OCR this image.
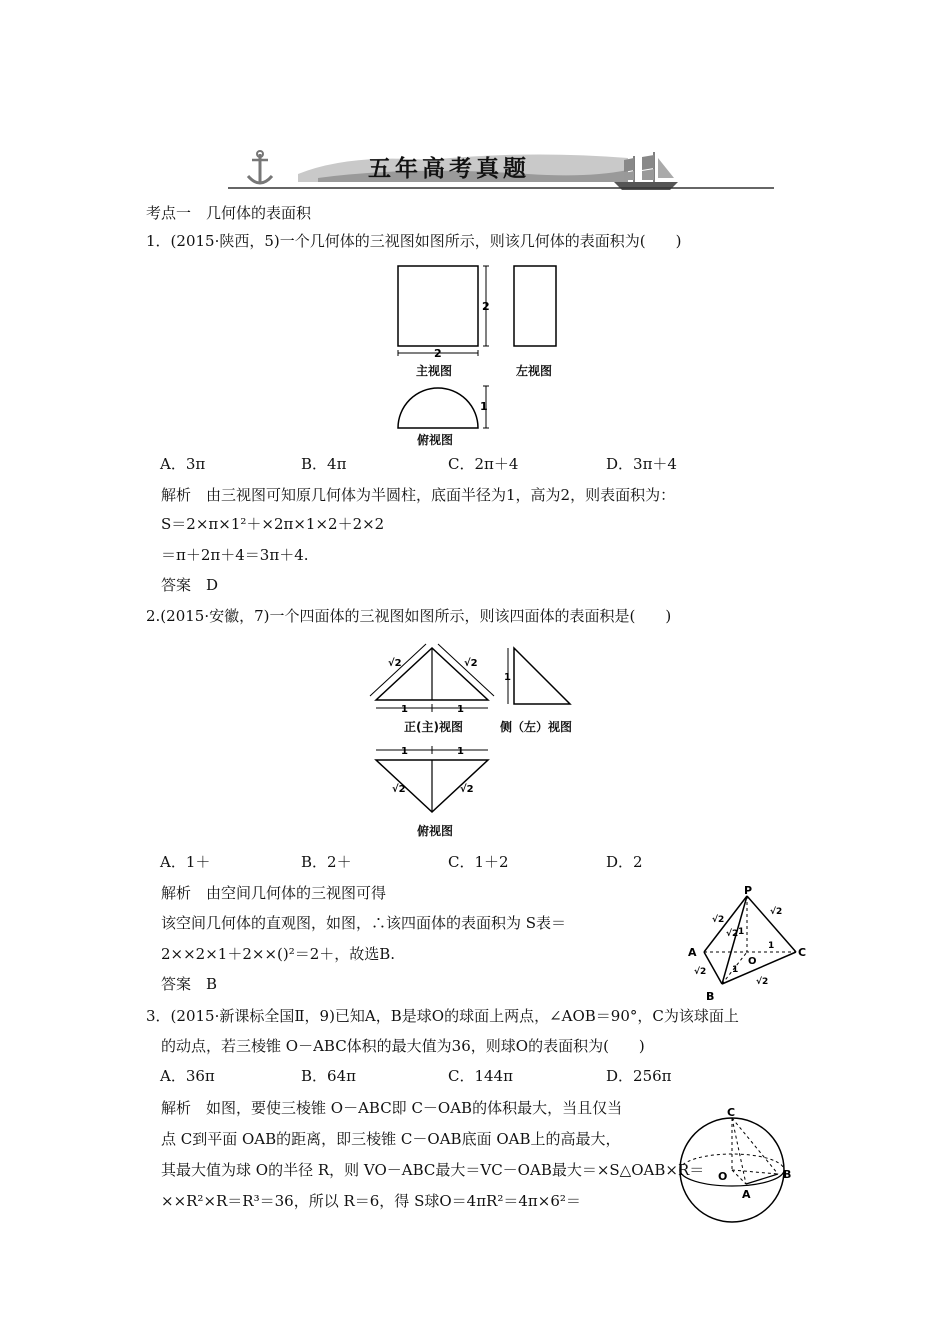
五年高考真题
考点一　几何体的表面积
1．(2015·陕西，5)一个几何体的三视图如图所示，则该几何体的表面积为(　　)
2
2
1
主视图	左视图
俯视图
A．3π	B．4π	C．2π＋4	D．3π＋4
解析　由三视图可知原几何体为半圆柱，底面半径为1，高为2，则表面积为：
S＝2×π×1²＋×2π×1×2＋2×2
＝π＋2π＋4＝3π＋4.
答案　D
2.(2015·安徽，7)一个四面体的三视图如图所示，则该四面体的表面积是(　　)
√2	√2
1	1
1
1	1
√2	√2
正(主)视图	侧（左）视图
俯视图
A．1＋	B．2＋	C．1＋2	D．2
解析　由空间几何体的三视图可得
该空间几何体的直观图，如图，∴该四面体的表面积为 S表＝
2××2×1＋2××()²＝2＋，故选B.
答案　B
P
A
B
C
O
√2
√2
√2
√2
√2
1
1
1
3．(2015·新课标全国Ⅱ，9)已知A，B是球O的球面上两点，∠AOB＝90°，C为该球面上
的动点，若三棱锥 O－ABC体积的最大值为36，则球O的表面积为(　　)
A．36π	B．64π	C．144π	D．256π
解析　如图，要使三棱锥 O－ABC即 C－OAB的体积最大，当且仅当
点 C到平面 OAB的距离，即三棱锥 C－OAB底面 OAB上的高最大，
其最大值为球 O的半径 R，则 VO－ABC最大＝VC－OAB最大＝×S△OAB×R＝
××R²×R＝R³＝36，所以 R＝6，得 S球O＝4πR²＝4π×6²＝
C
O
A
B
